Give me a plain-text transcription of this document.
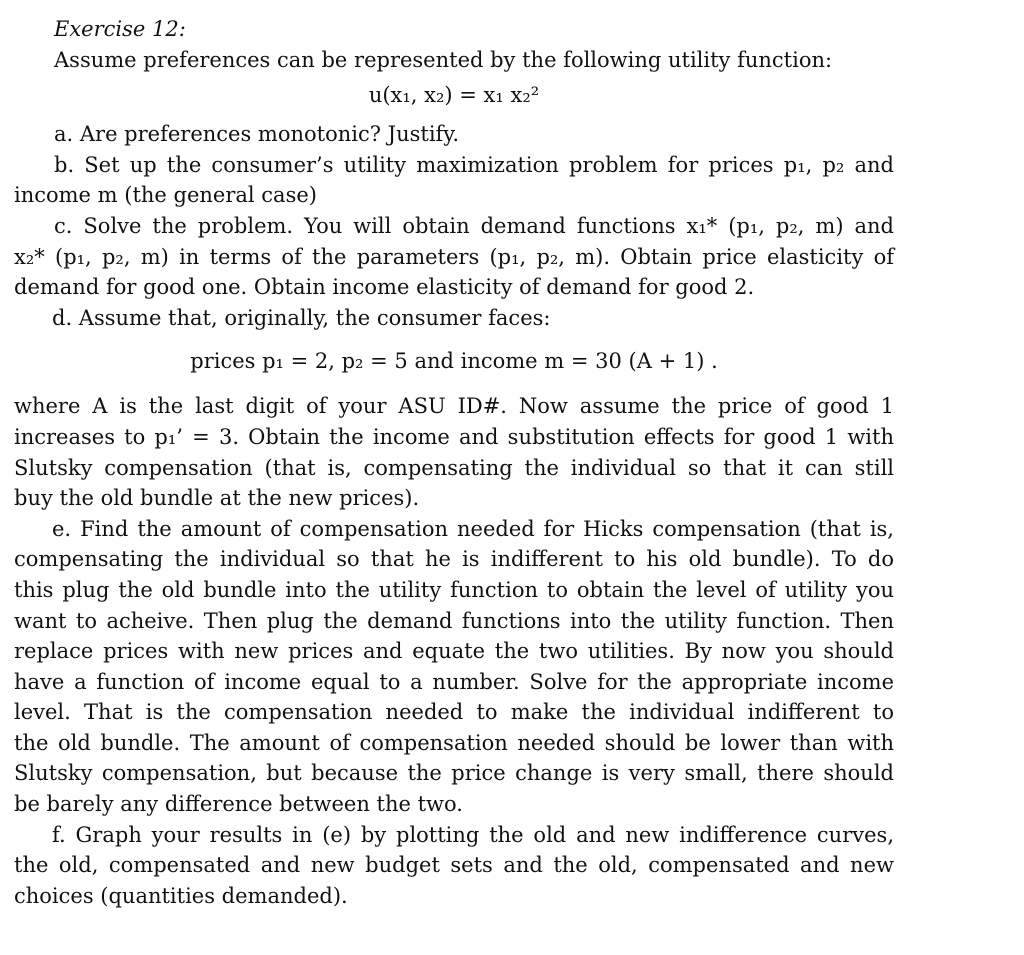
Exercise 12:
Assume preferences can be represented by the following utility function:
u(x₁, x₂) = x₁ x₂²
a. Are preferences monotonic? Justify.
b. Set up the consumer’s utility maximization problem for prices p₁, p₂ and
income m (the general case)
c. Solve the problem. You will obtain demand functions x₁* (p₁, p₂, m) and
x₂* (p₁, p₂, m) in terms of the parameters (p₁, p₂, m). Obtain price elasticity of
demand for good one. Obtain income elasticity of demand for good 2.
d. Assume that, originally, the consumer faces:
prices p₁ = 2, p₂ = 5 and income m = 30 (A + 1) .
where A is the last digit of your ASU ID#. Now assume the price of good 1
increases to p₁’ = 3. Obtain the income and substitution effects for good 1 with
Slutsky compensation (that is, compensating the individual so that it can still
buy the old bundle at the new prices).
e. Find the amount of compensation needed for Hicks compensation (that is,
compensating the individual so that he is indifferent to his old bundle). To do
this plug the old bundle into the utility function to obtain the level of utility you
want to acheive. Then plug the demand functions into the utility function. Then
replace prices with new prices and equate the two utilities. By now you should
have a function of income equal to a number. Solve for the appropriate income
level. That is the compensation needed to make the individual indifferent to
the old bundle. The amount of compensation needed should be lower than with
Slutsky compensation, but because the price change is very small, there should
be barely any difference between the two.
f. Graph your results in (e) by plotting the old and new indifference curves,
the old, compensated and new budget sets and the old, compensated and new
choices (quantities demanded).
